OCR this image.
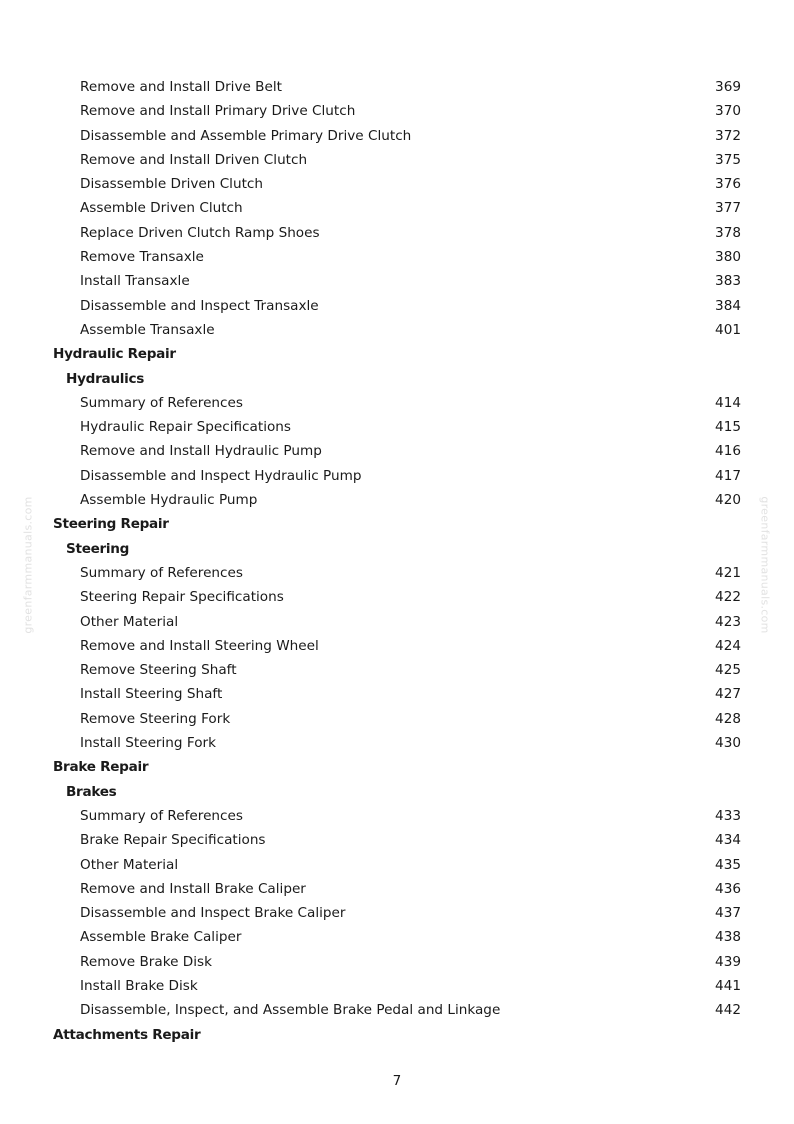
greenfarmmanuals.com	greenfarmmanuals.com
Remove and Install Drive Belt	369
Remove and Install Primary Drive Clutch	370
Disassemble and Assemble Primary Drive Clutch	372
Remove and Install Driven Clutch	375
Disassemble Driven Clutch	376
Assemble Driven Clutch	377
Replace Driven Clutch Ramp Shoes	378
Remove Transaxle	380
Install Transaxle	383
Disassemble and Inspect Transaxle	384
Assemble Transaxle	401
Hydraulic Repair
Hydraulics
Summary of References	414
Hydraulic Repair Specifications	415
Remove and Install Hydraulic Pump	416
Disassemble and Inspect Hydraulic Pump	417
Assemble Hydraulic Pump	420
Steering Repair
Steering
Summary of References	421
Steering Repair Specifications	422
Other Material	423
Remove and Install Steering Wheel	424
Remove Steering Shaft	425
Install Steering Shaft	427
Remove Steering Fork	428
Install Steering Fork	430
Brake Repair
Brakes
Summary of References	433
Brake Repair Specifications	434
Other Material	435
Remove and Install Brake Caliper	436
Disassemble and Inspect Brake Caliper	437
Assemble Brake Caliper	438
Remove Brake Disk	439
Install Brake Disk	441
Disassemble, Inspect, and Assemble Brake Pedal and Linkage	442
Attachments Repair
7
